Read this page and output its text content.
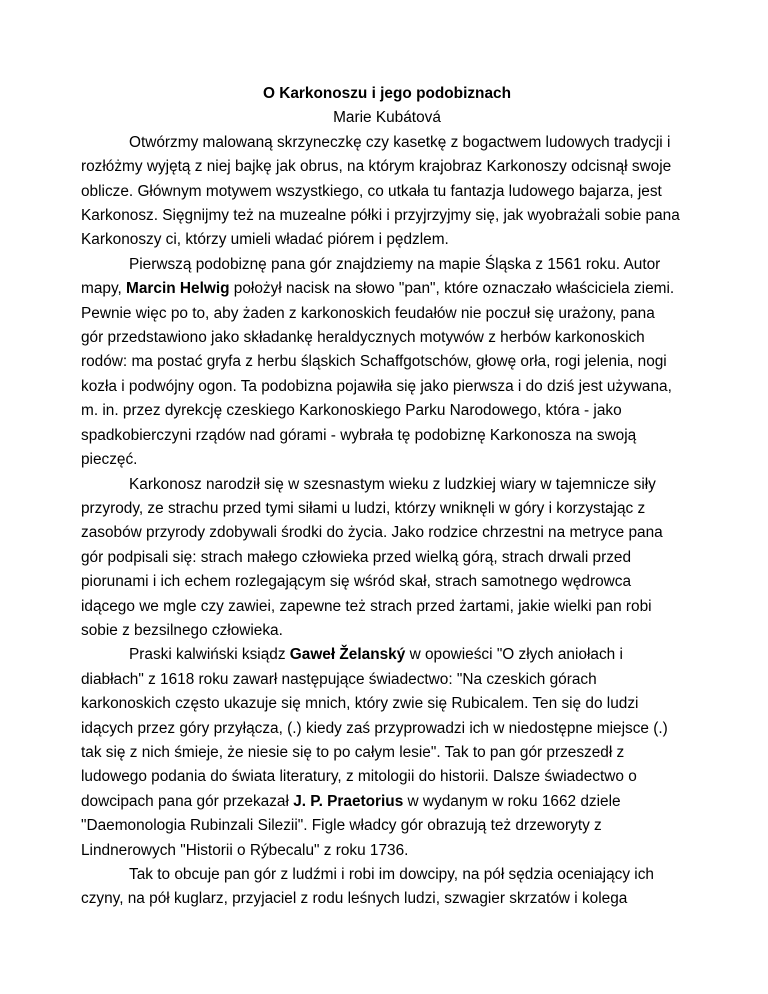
O Karkonoszu i jego podobiznach
Marie Kubátová

Otwórzmy malowaną skrzyneczkę czy kasetkę z bogactwem ludowych tradycji i
rozłóżmy wyjętą z niej bajkę jak obrus, na którym krajobraz Karkonoszy odcisnął swoje
oblicze. Głównym motywem wszystkiego, co utkała tu fantazja ludowego bajarza, jest
Karkonosz. Sięgnijmy też na muzealne półki i przyjrzyjmy się, jak wyobrażali sobie pana
Karkonoszy ci, którzy umieli władać piórem i pędzlem.

Pierwszą podobiznę pana gór znajdziemy na mapie Śląska z 1561 roku. Autor
mapy, Marcin Helwig położył nacisk na słowo "pan", które oznaczało właściciela ziemi.
Pewnie więc po to, aby żaden z karkonoskich feudałów nie poczuł się urażony, pana
gór przedstawiono jako składankę heraldycznych motywów z herbów karkonoskich
rodów: ma postać gryfa z herbu śląskich Schaffgotschów, głowę orła, rogi jelenia, nogi
kozła i podwójny ogon. Ta podobizna pojawiła się jako pierwsza i do dziś jest używana,
m. in. przez dyrekcję czeskiego Karkonoskiego Parku Narodowego, która - jako
spadkobierczyni rządów nad górami - wybrała tę podobiznę Karkonosza na swoją
pieczęć.

Karkonosz narodził się w szesnastym wieku z ludzkiej wiary w tajemnicze siły
przyrody, ze strachu przed tymi siłami u ludzi, którzy wniknęli w góry i korzystając z
zasobów przyrody zdobywali środki do życia. Jako rodzice chrzestni na metryce pana
gór podpisali się: strach małego człowieka przed wielką górą, strach drwali przed
piorunami i ich echem rozlegającym się wśród skał, strach samotnego wędrowca
idącego we mgle czy zawiei, zapewne też strach przed żartami, jakie wielki pan robi
sobie z bezsilnego człowieka.

Praski kalwiński ksiądz Gaweł Želanský w opowieści "O złych aniołach i
diabłach" z 1618 roku zawarł następujące świadectwo: "Na czeskich górach
karkonoskich często ukazuje się mnich, który zwie się Rubicalem. Ten się do ludzi
idących przez góry przyłącza, (.) kiedy zaś przyprowadzi ich w niedostępne miejsce (.)
tak się z nich śmieje, że niesie się to po całym lesie". Tak to pan gór przeszedł z
ludowego podania do świata literatury, z mitologii do historii. Dalsze świadectwo o
dowcipach pana gór przekazał J. P. Praetorius w wydanym w roku 1662 dziele
"Daemonologia Rubinzali Silezii". Figle władcy gór obrazują też drzeworyty z
Lindnerowych "Historii o Rýbecalu" z roku 1736.

Tak to obcuje pan gór z ludźmi i robi im dowcipy, na pół sędzia oceniający ich
czyny, na pół kuglarz, przyjaciel z rodu leśnych ludzi, szwagier skrzatów i kolega
